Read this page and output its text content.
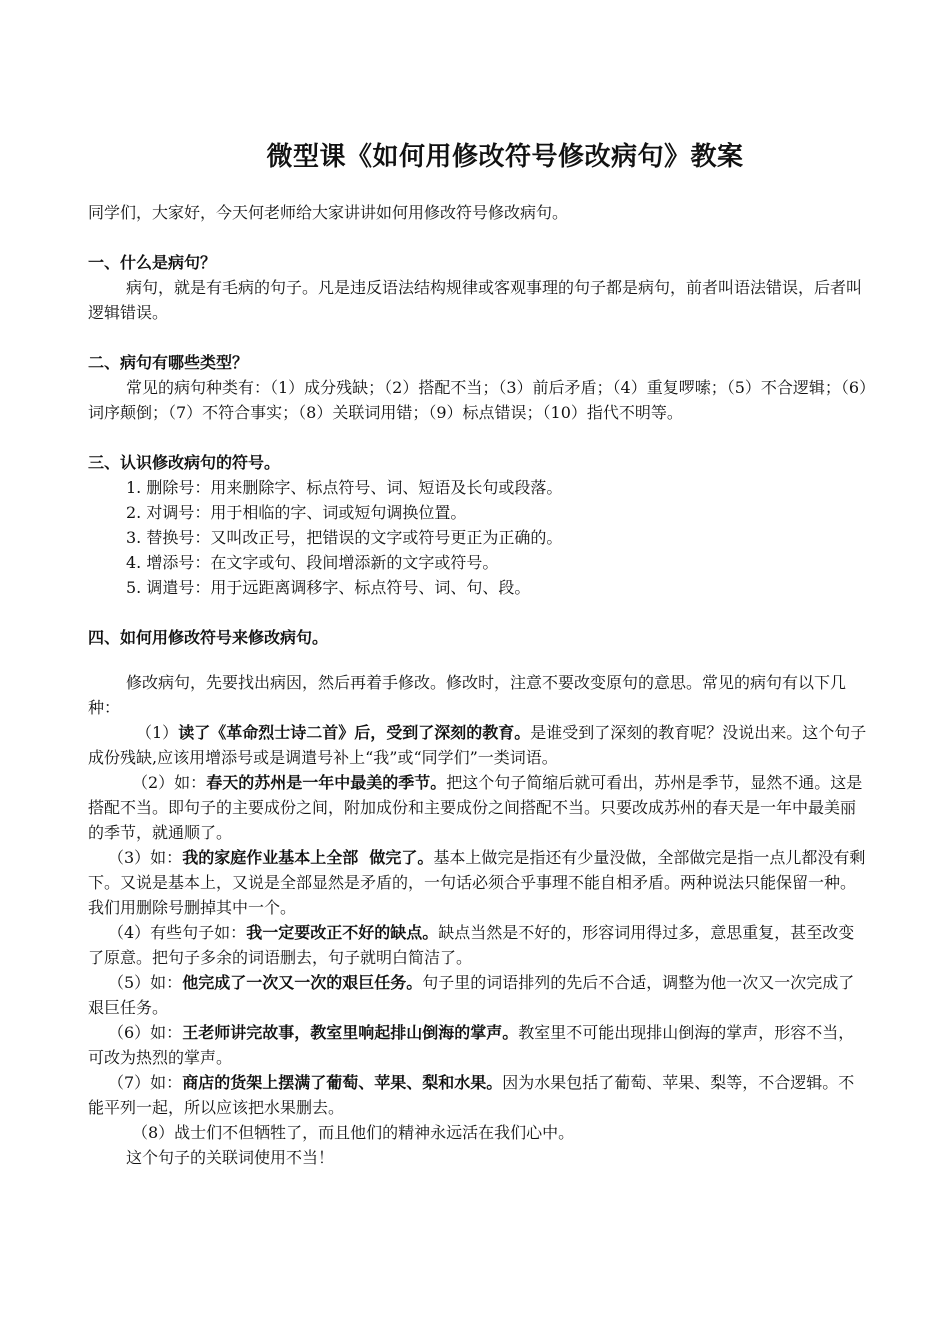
微型课《如何用修改符号修改病句》教案

同学们，大家好，今天何老师给大家讲讲如何用修改符号修改病句。

一、什么是病句？

病句，就是有毛病的句子。凡是违反语法结构规律或客观事理的句子都是病句，前者叫语法错误，后者叫逻辑错误。

二、病句有哪些类型？

常见的病句种类有：（1）成分残缺；（2）搭配不当；（3）前后矛盾；（4）重复啰嗦；（5）不合逻辑；（6）词序颠倒；（7）不符合事实；（8）关联词用错；（9）标点错误；（10）指代不明等。

三、认识修改病句的符号。

1. 删除号：用来删除字、标点符号、词、短语及长句或段落。

2. 对调号：用于相临的字、词或短句调换位置。

3. 替换号：又叫改正号，把错误的文字或符号更正为正确的。

4. 增添号：在文字或句、段间增添新的文字或符号。

5. 调遣号：用于远距离调移字、标点符号、词、句、段。

四、如何用修改符号来修改病句。

修改病句，先要找出病因，然后再着手修改。修改时，注意不要改变原句的意思。常见的病句有以下几种：

（1）读了《革命烈士诗二首》后，受到了深刻的教育。是谁受到了深刻的教育呢？没说出来。这个句子成份残缺,应该用增添号或是调遣号补上“我”或“同学们”一类词语。

（2）如：春天的苏州是一年中最美的季节。把这个句子简缩后就可看出，苏州是季节，显然不通。这是搭配不当。即句子的主要成份之间，附加成份和主要成份之间搭配不当。只要改成苏州的春天是一年中最美丽的季节，就通顺了。

（3）如：我的家庭作业基本上全部  做完了。基本上做完是指还有少量没做，全部做完是指一点儿都没有剩下。又说是基本上，又说是全部显然是矛盾的，一句话必须合乎事理不能自相矛盾。两种说法只能保留一种。我们用删除号删掉其中一个。

（4）有些句子如：我一定要改正不好的缺点。缺点当然是不好的，形容词用得过多，意思重复，甚至改变了原意。把句子多余的词语删去，句子就明白简洁了。

（5）如：他完成了一次又一次的艰巨任务。句子里的词语排列的先后不合适，调整为他一次又一次完成了艰巨任务。

（6）如：王老师讲完故事，教室里响起排山倒海的掌声。教室里不可能出现排山倒海的掌声，形容不当，可改为热烈的掌声。

（7）如：商店的货架上摆满了葡萄、苹果、梨和水果。因为水果包括了葡萄、苹果、梨等，不合逻辑。不能平列一起，所以应该把水果删去。

（8）战士们不但牺牲了，而且他们的精神永远活在我们心中。

这个句子的关联词使用不当！
